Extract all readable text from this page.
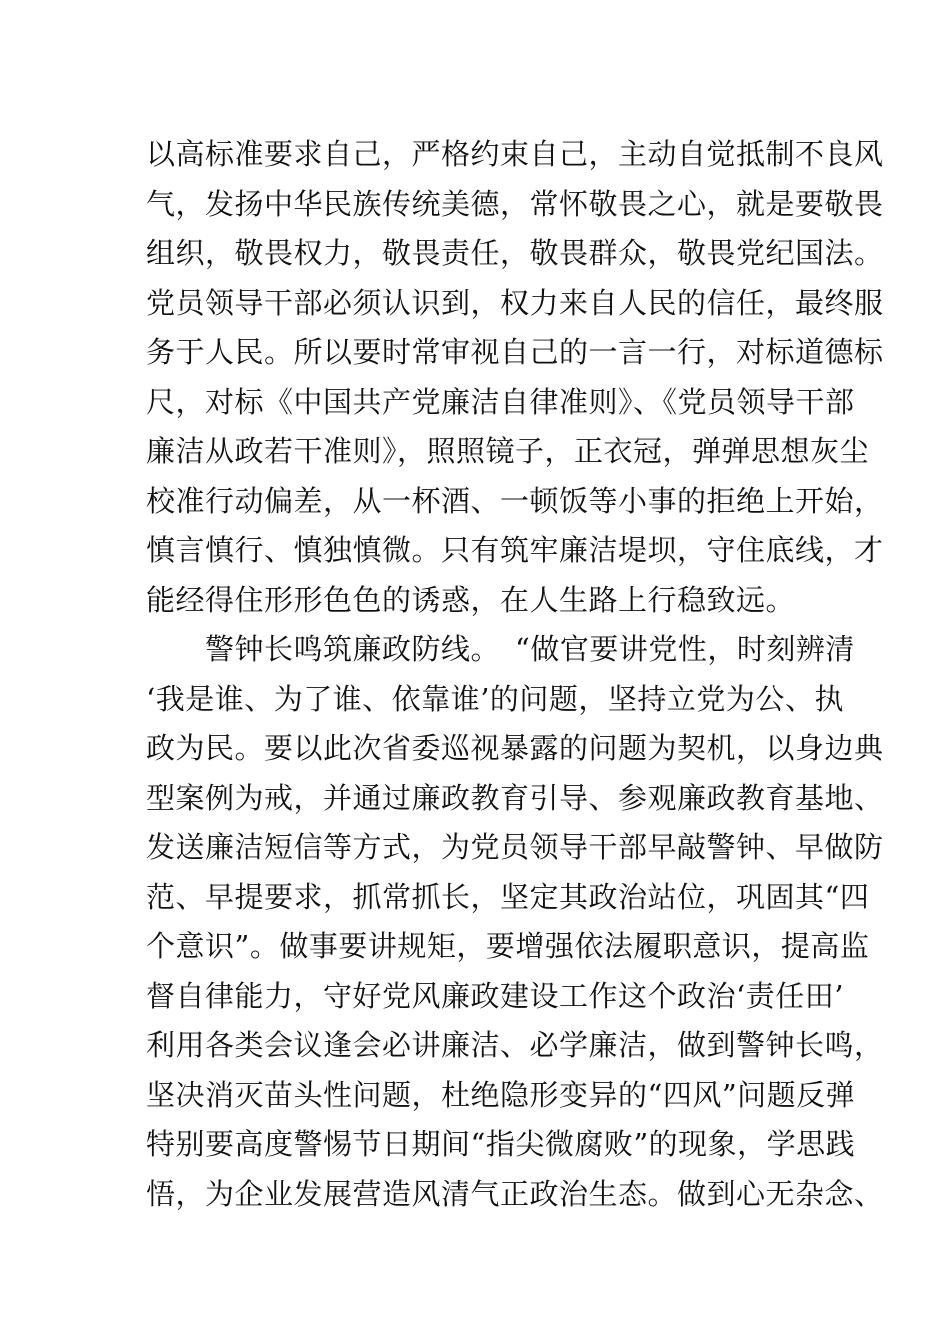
以高标准要求自己，严格约束自己，主动自觉抵制不良风
气，发扬中华民族传统美德，常怀敬畏之心，就是要敬畏
组织，敬畏权力，敬畏责任，敬畏群众，敬畏党纪国法。
党员领导干部必须认识到，权力来自人民的信任，最终服
务于人民。所以要时常审视自己的一言一行，对标道德标
尺，对标《中国共产党廉洁自律准则》、《党员领导干部
廉洁从政若干准则》，照照镜子，正衣冠，弹弹思想灰尘
校准行动偏差，从一杯酒、一顿饭等小事的拒绝上开始，
慎言慎行、慎独慎微。只有筑牢廉洁堤坝，守住底线，才
能经得住形形色色的诱惑，在人生路上行稳致远。
　　警钟长鸣筑廉政防线。　“做官要讲党性，时刻辨清
‘我是谁、为了谁、依靠谁’的问题，坚持立党为公、执
政为民。要以此次省委巡视暴露的问题为契机，以身边典
型案例为戒，并通过廉政教育引导、参观廉政教育基地、
发送廉洁短信等方式，为党员领导干部早敲警钟、早做防
范、早提要求，抓常抓长，坚定其政治站位，巩固其“四
个意识”。做事要讲规矩，要增强依法履职意识，提高监
督自律能力，守好党风廉政建设工作这个政治‘责任田’
利用各类会议逢会必讲廉洁、必学廉洁，做到警钟长鸣，
坚决消灭苗头性问题，杜绝隐形变异的“四风”问题反弹
特别要高度警惕节日期间“指尖微腐败”的现象，学思践
悟，为企业发展营造风清气正政治生态。做到心无杂念、
